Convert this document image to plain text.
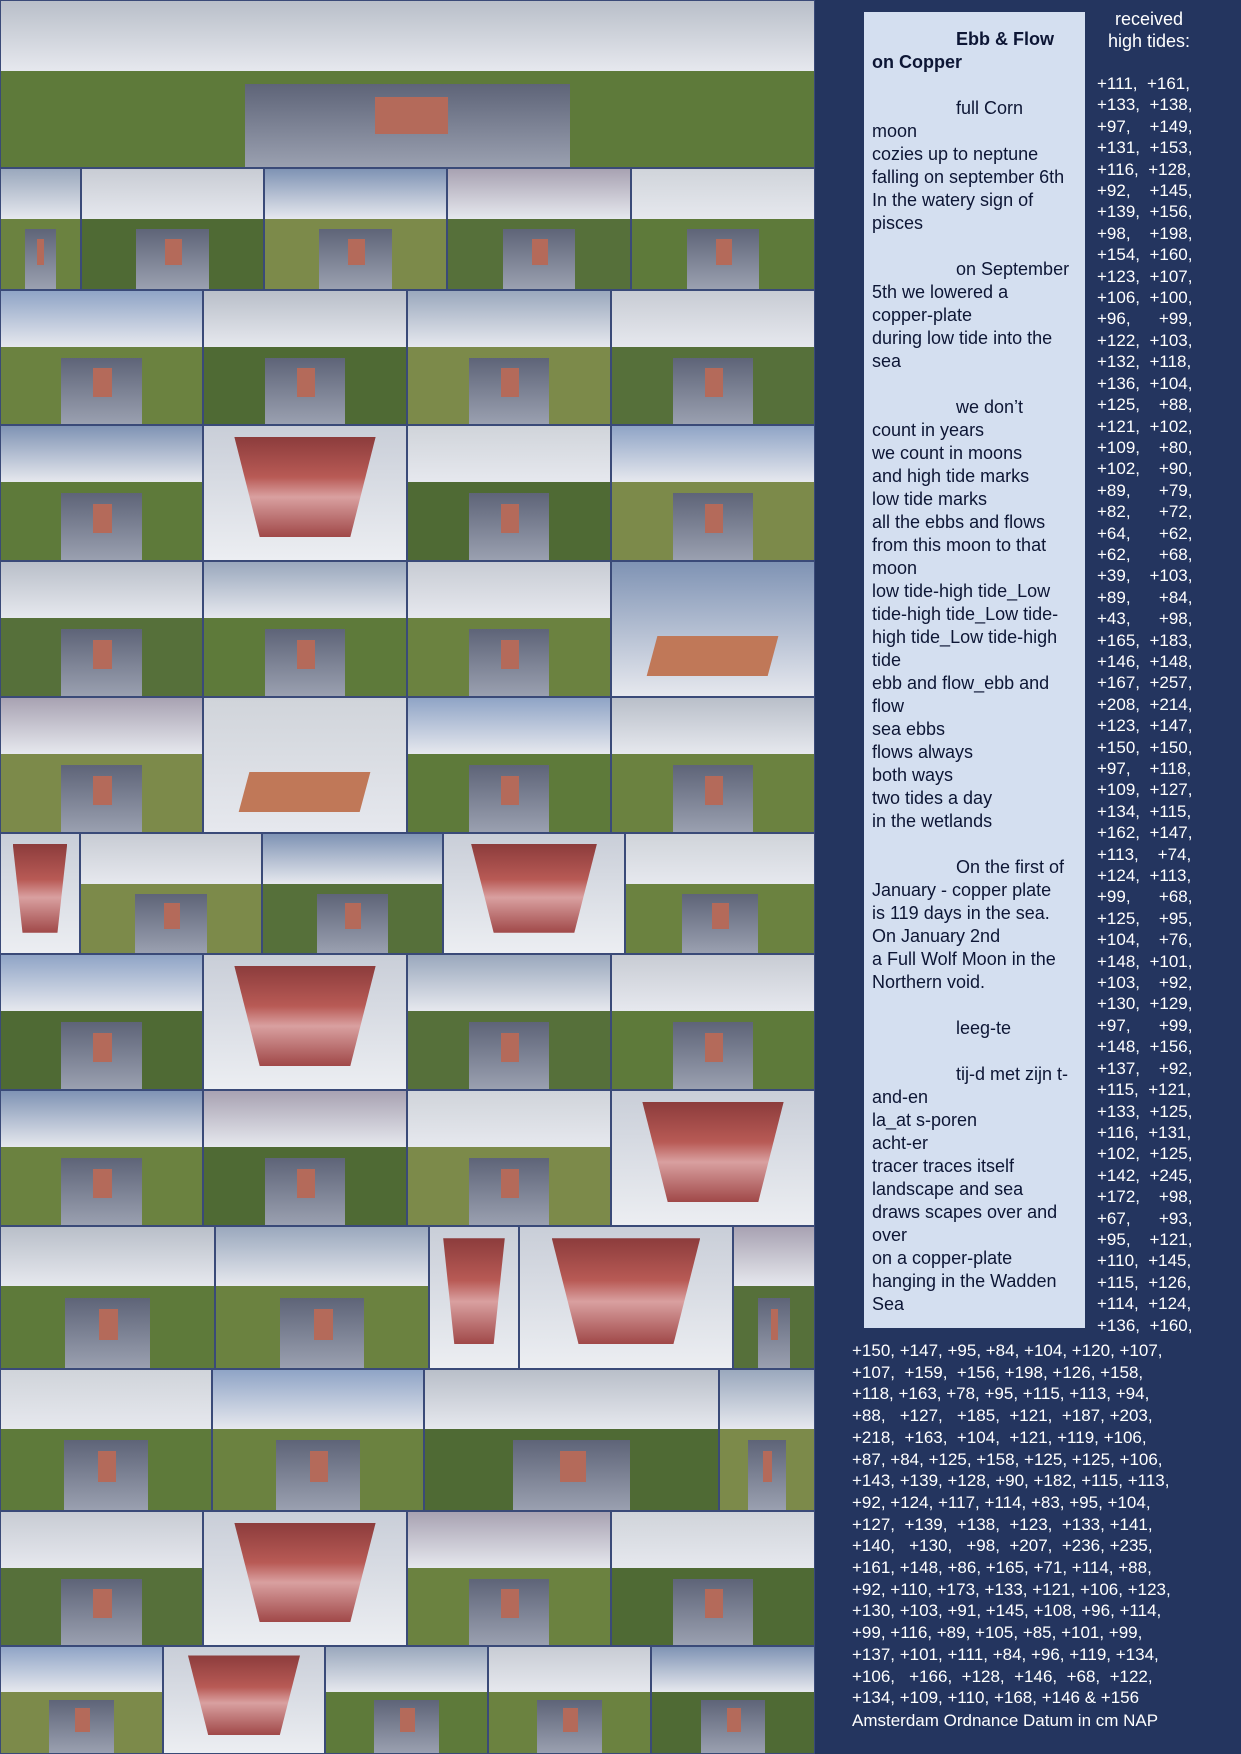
Ebb & Flow

on Copper

full Corn

moon

cozies up to neptune

falling on september 6th

In the watery sign of

pisces

on September

5th we lowered a

copper-plate

during low tide into the

sea

we don’t

count in years

we count in moons

and high tide marks

low tide marks

all the ebbs and flows

from this moon to that

moon

low tide-high tide_Low

tide-high tide_Low tide-

high tide_Low tide-high

tide

ebb and flow_ebb and

flow

sea ebbs

flows always

both ways

two tides a day

in the wetlands

On the first of

January - copper plate

is 119 days in the sea.

On January 2nd

a Full Wolf Moon in the

Northern void.

leeg-te

tij-d met zijn t-

and-en

la_at s-poren

acht-er

tracer traces itself

landscape and sea

draws scapes over and

over

on a copper-plate

hanging in the Wadden

Sea

received
high tides:
+111,  +161,
+133,  +138,
+97,    +149,
+131,  +153,
+116,  +128,
+92,    +145,
+139,  +156,
+98,    +198,
+154,  +160,
+123,  +107,
+106,  +100,
+96,      +99,
+122,  +103,
+132,  +118,
+136,  +104,
+125,    +88,
+121,  +102,
+109,    +80,
+102,    +90,
+89,      +79,
+82,      +72,
+64,      +62,
+62,      +68,
+39,    +103,
+89,      +84,
+43,      +98,
+165,  +183,
+146,  +148,
+167,  +257,
+208,  +214,
+123,  +147,
+150,  +150,
+97,    +118,
+109,  +127,
+134,  +115,
+162,  +147,
+113,    +74,
+124,  +113,
+99,      +68,
+125,    +95,
+104,    +76,
+148,  +101,
+103,    +92,
+130,  +129,
+97,      +99,
+148,  +156,
+137,    +92,
+115,  +121,
+133,  +125,
+116,  +131,
+102,  +125,
+142,  +245,
+172,    +98,
+67,      +93,
+95,    +121,
+110,  +145,
+115,  +126,
+114,  +124,
+136,  +160,
+150, +147, +95, +84, +104, +120, +107,
+107,  +159,  +156, +198, +126, +158,
+118, +163, +78, +95, +115, +113, +94,
+88,   +127,   +185,  +121,  +187, +203,
+218,  +163,  +104,  +121, +119, +106,
+87, +84, +125, +158, +125, +125, +106,
+143, +139, +128, +90, +182, +115, +113,
+92, +124, +117, +114, +83, +95, +104,
+127,  +139,  +138,  +123,  +133, +141,
+140,   +130,   +98,  +207,  +236, +235,
+161, +148, +86, +165, +71, +114, +88,
+92, +110, +173, +133, +121, +106, +123,
+130, +103, +91, +145, +108, +96, +114,
+99, +116, +89, +105, +85, +101, +99,
+137, +101, +111, +84, +96, +119, +134,
+106,   +166,  +128,  +146,  +68,  +122,
+134, +109, +110, +168, +146 & +156
Amsterdam Ordnance Datum in cm NAP
